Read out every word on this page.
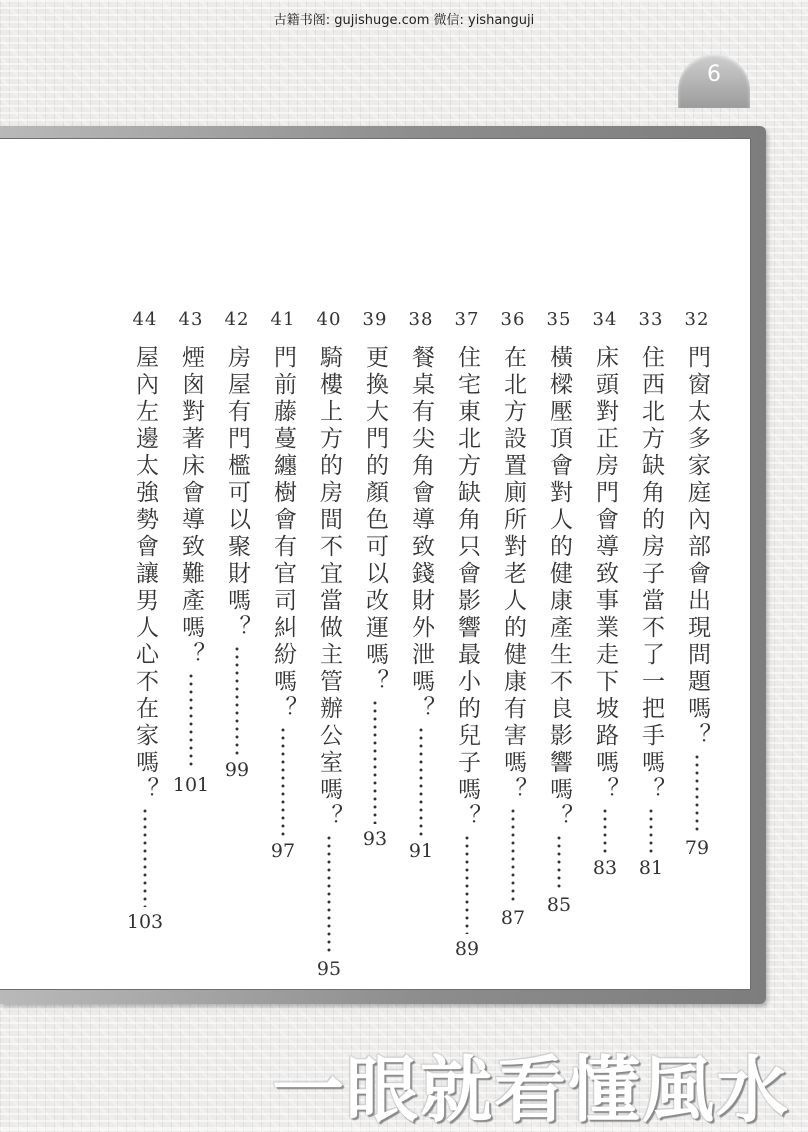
古籍书阁: gujishuge.com 微信: yishanguji
6
32
門窗太多家庭內部會出現問題嗎？
79
33
住西北方缺角的房子當不了一把手嗎？
81
34
床頭對正房門會導致事業走下坡路嗎？
83
35
橫樑壓頂會對人的健康產生不良影響嗎？
85
36
在北方設置廁所對老人的健康有害嗎？
87
37
住宅東北方缺角只會影響最小的兒子嗎？
89
38
餐桌有尖角會導致錢財外泄嗎？
91
39
更換大門的顏色可以改運嗎？
93
40
騎樓上方的房間不宜當做主管辦公室嗎？
95
41
門前藤蔓纏樹會有官司糾紛嗎？
97
42
房屋有門檻可以聚財嗎？
99
43
煙囪對著床會導致難產嗎？
101
44
屋內左邊太強勢會讓男人心不在家嗎？
103
一眼就看懂風水
